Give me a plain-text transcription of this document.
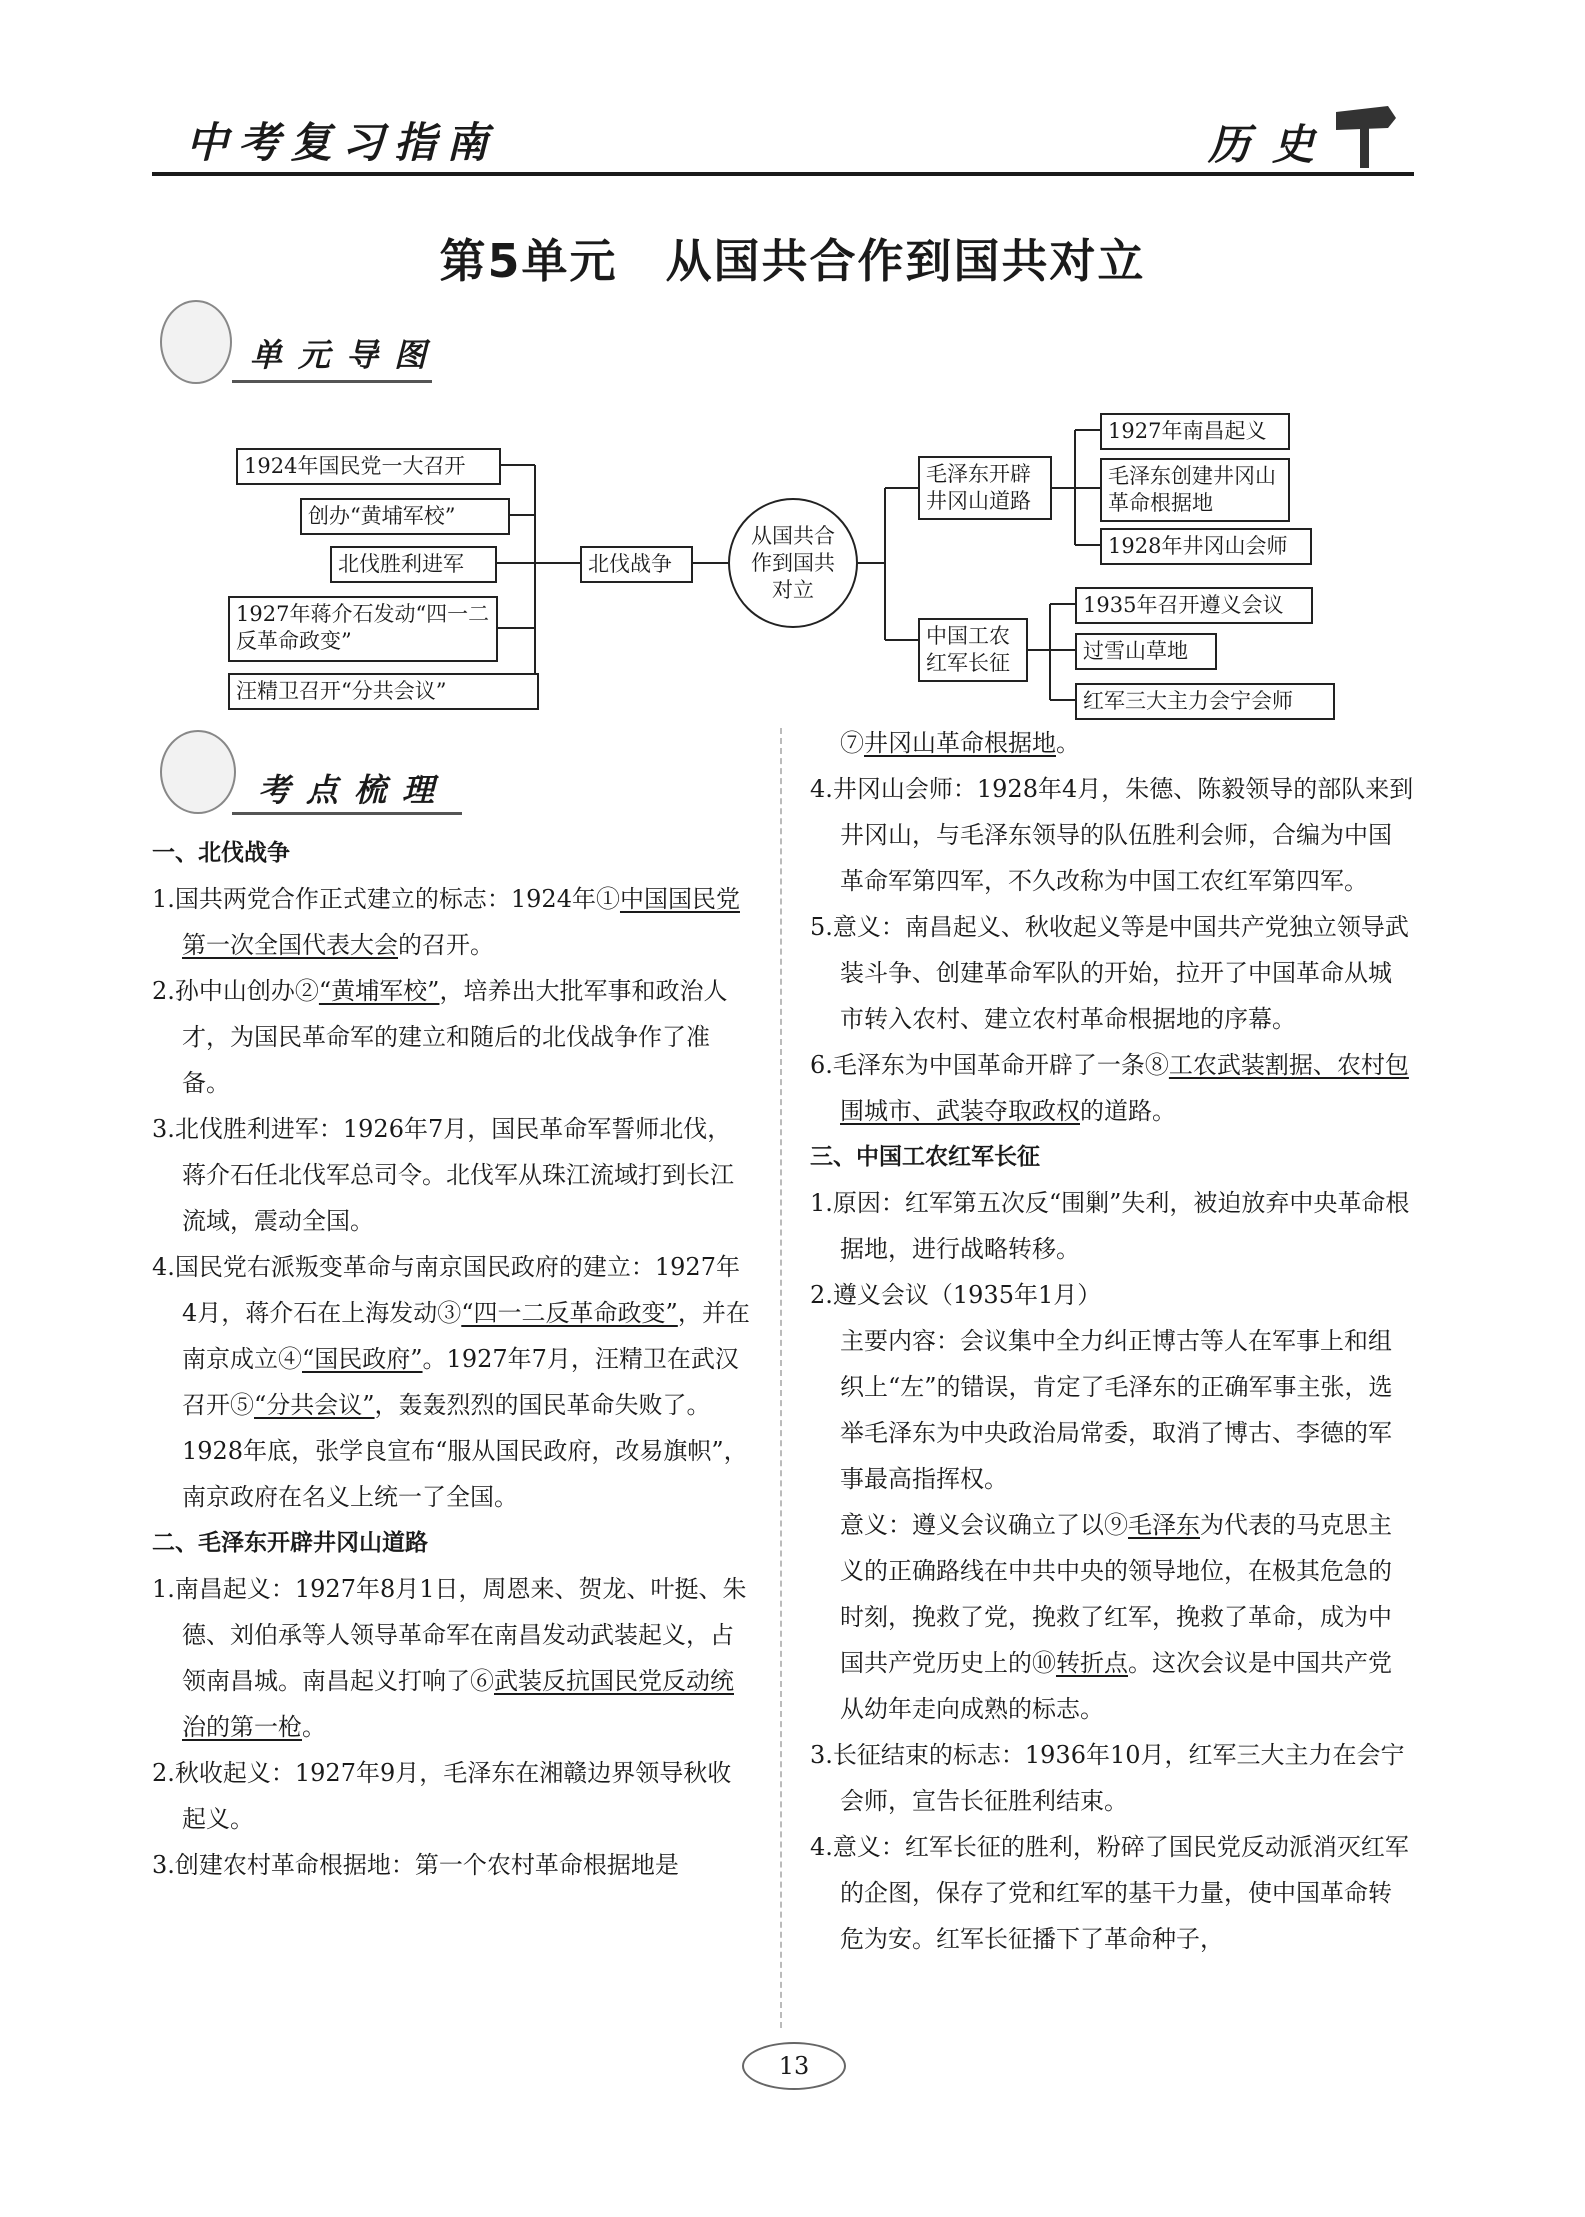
中考复习指南	历史
第5单元　从国共合作到国共对立
单元导图
1924年国民党一大召开
创办“黄埔军校”
北伐胜利进军
1927年蒋介石发动“四一二反革命政变”
汪精卫召开“分共会议”
北伐战争
从国共合作到国共对立
毛泽东开辟井冈山道路
中国工农红军长征
1927年南昌起义
毛泽东创建井冈山革命根据地
1928年井冈山会师
1935年召开遵义会议
过雪山草地
红军三大主力会宁会师
考点梳理

一、北伐战争

1.国共两党合作正式建立的标志：1924年①中国国民党第一次全国代表大会的召开。

2.孙中山创办②“黄埔军校”，培养出大批军事和政治人才，为国民革命军的建立和随后的北伐战争作了准备。

3.北伐胜利进军：1926年7月，国民革命军誓师北伐，蒋介石任北伐军总司令。北伐军从珠江流域打到长江流域，震动全国。

4.国民党右派叛变革命与南京国民政府的建立：1927年4月，蒋介石在上海发动③“四一二反革命政变”，并在南京成立④“国民政府”。1927年7月，汪精卫在武汉召开⑤“分共会议”，轰轰烈烈的国民革命失败了。1928年底，张学良宣布“服从国民政府，改易旗帜”，南京政府在名义上统一了全国。

二、毛泽东开辟井冈山道路

1.南昌起义：1927年8月1日，周恩来、贺龙、叶挺、朱德、刘伯承等人领导革命军在南昌发动武装起义，占领南昌城。南昌起义打响了⑥武装反抗国民党反动统治的第一枪。

2.秋收起义：1927年9月，毛泽东在湘赣边界领导秋收起义。

3.创建农村革命根据地：第一个农村革命根据地是

⑦井冈山革命根据地。

4.井冈山会师：1928年4月，朱德、陈毅领导的部队来到井冈山，与毛泽东领导的队伍胜利会师，合编为中国革命军第四军，不久改称为中国工农红军第四军。

5.意义：南昌起义、秋收起义等是中国共产党独立领导武装斗争、创建革命军队的开始，拉开了中国革命从城市转入农村、建立农村革命根据地的序幕。

6.毛泽东为中国革命开辟了一条⑧工农武装割据、农村包围城市、武装夺取政权的道路。

三、中国工农红军长征

1.原因：红军第五次反“围剿”失利，被迫放弃中央革命根据地，进行战略转移。

2.遵义会议（1935年1月）

主要内容：会议集中全力纠正博古等人在军事上和组织上“左”的错误，肯定了毛泽东的正确军事主张，选举毛泽东为中央政治局常委，取消了博古、李德的军事最高指挥权。

意义：遵义会议确立了以⑨毛泽东为代表的马克思主义的正确路线在中共中央的领导地位，在极其危急的时刻，挽救了党，挽救了红军，挽救了革命，成为中国共产党历史上的⑩转折点。这次会议是中国共产党从幼年走向成熟的标志。

3.长征结束的标志：1936年10月，红军三大主力在会宁会师，宣告长征胜利结束。

4.意义：红军长征的胜利，粉碎了国民党反动派消灭红军的企图，保存了党和红军的基干力量，使中国革命转危为安。红军长征播下了革命种子，

13
